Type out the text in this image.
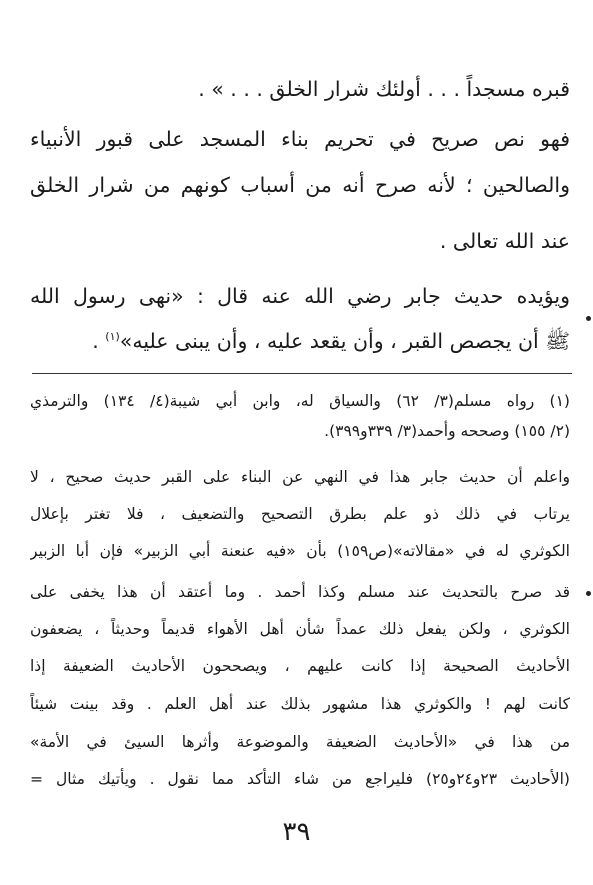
قبره مسجداً . . . أولئك شرار الخلق . . . » .
فهو نص صريح في تحريم بناء المسجد على قبور الأنبياء
والصالحين ؛ لأنه صرح أنه من أسباب كونهم من شرار الخلق
عند الله تعالى .
ويؤيده حديث جابر رضي الله عنه قال : «نهى رسول الله
ﷺ أن يجصص القبر ، وأن يقعد عليه ، وأن يبنى عليه»$^{(١)}$ .
(١) رواه مسلم(٣/ ٦٢) والسياق له، وابن أبي شيبة(٤/ ١٣٤) والترمذي
(٢/ ١٥٥) وصححه وأحمد(٣/ ٣٣٩و٣٩٩).
واعلم أن حديث جابر هذا في النهي عن البناء على القبر حديث صحيح ، لا
يرتاب في ذلك ذو علم بطرق التصحيح والتضعيف ، فلا تغتر بإعلال
الكوثري له في «مقالاته»(ص١٥٩) بأن «فيه عنعنة أبي الزبير» فإن أبا الزبير
قد صرح بالتحديث عند مسلم وكذا أحمد . وما أعتقد أن هذا يخفى على
الكوثري ، ولكن يفعل ذلك عمداً شأن أهل الأهواء قديماً وحديثاً ، يضعفون
الأحاديث الصحيحة إذا كانت عليهم ، ويصححون الأحاديث الضعيفة إذا
كانت لهم ! والكوثري هذا مشهور بذلك عند أهل العلم . وقد بينت شيئاً
من هذا في «الأحاديث الضعيفة والموضوعة وأثرها السيئ في الأمة»
(الأحاديث ٢٣و٢٤و٢٥) فليراجع من شاء التأكد مما نقول . ويأتيك مثال =
٣٩
